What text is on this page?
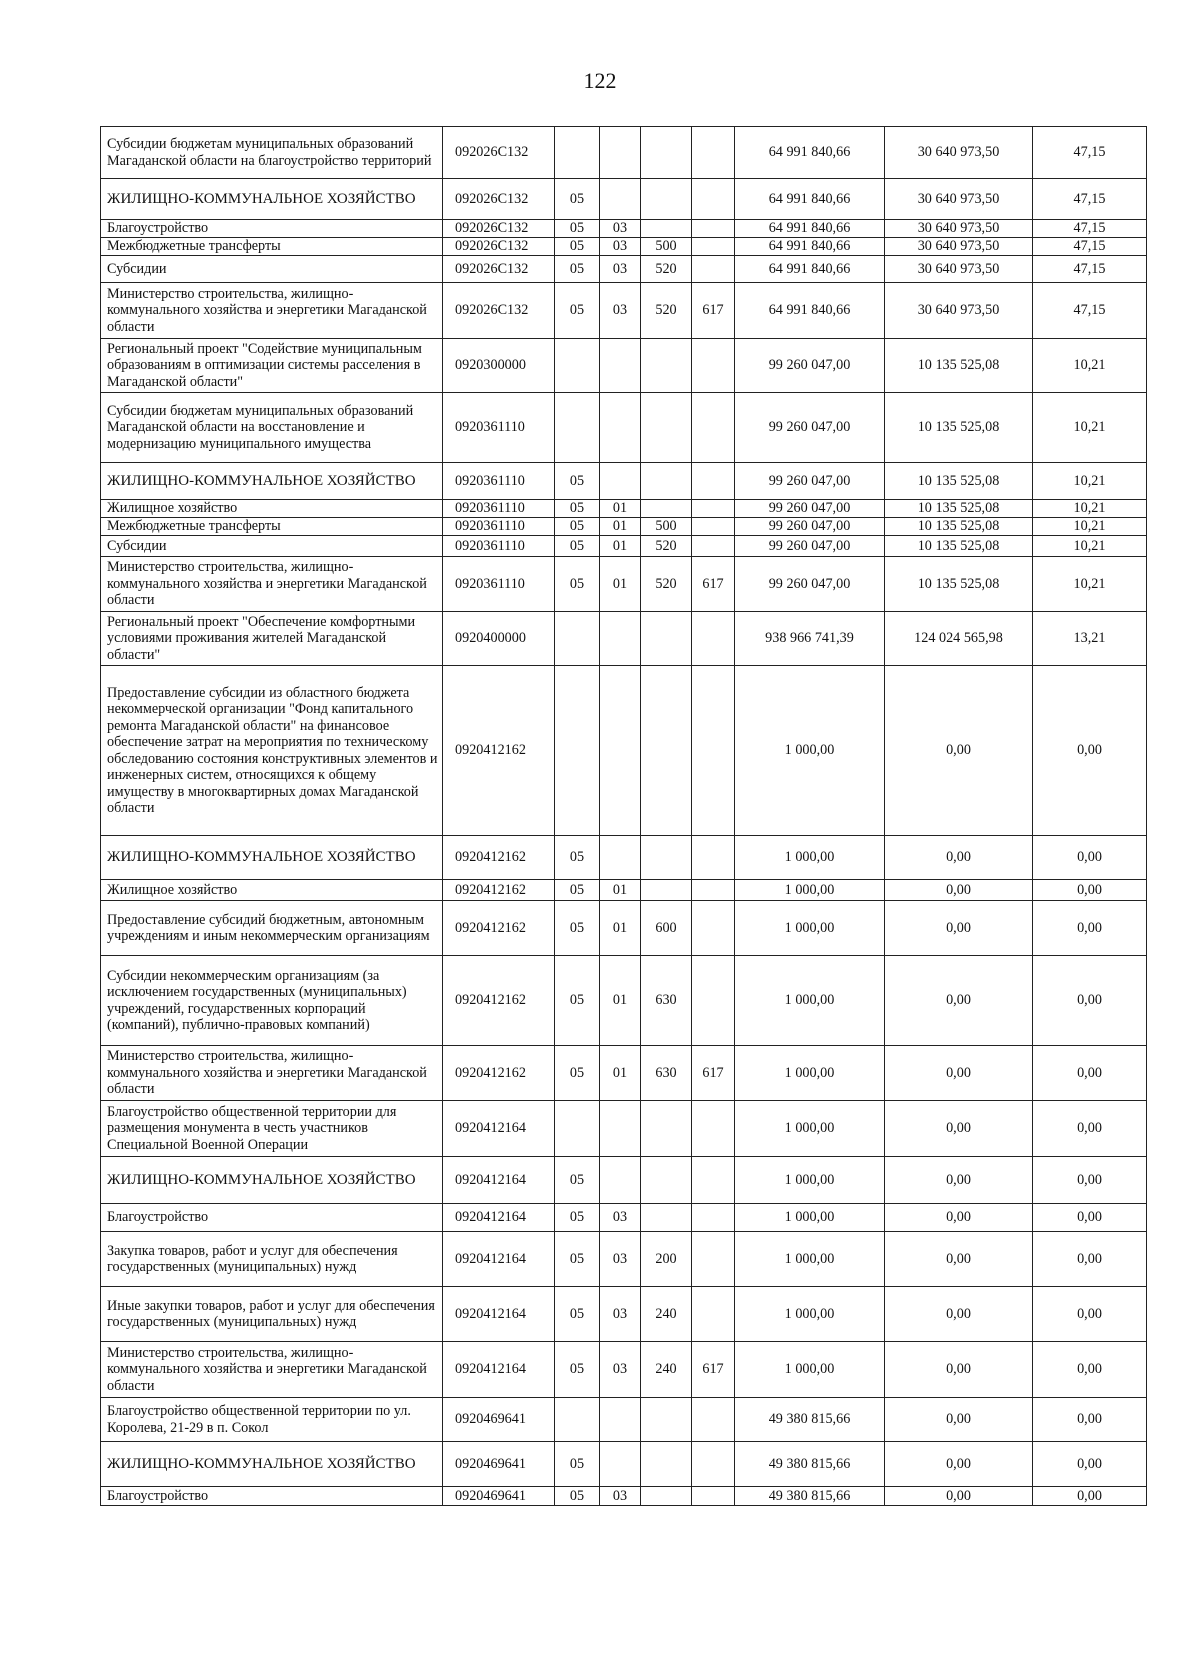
122
Субсидии бюджетам муниципальных образований Магаданской области на благоустройство территорий	092026С132					64 991 840,66	30 640 973,50	47,15
ЖИЛИЩНО-КОММУНАЛЬНОЕ ХОЗЯЙСТВО	092026С132	05				64 991 840,66	30 640 973,50	47,15
Благоустройство	092026С132	05	03			64 991 840,66	30 640 973,50	47,15
Межбюджетные трансферты	092026С132	05	03	500		64 991 840,66	30 640 973,50	47,15
Субсидии	092026С132	05	03	520		64 991 840,66	30 640 973,50	47,15
Министерство строительства, жилищно-коммунального хозяйства и энергетики Магаданской области	092026С132	05	03	520	617	64 991 840,66	30 640 973,50	47,15
Региональный проект "Содействие муниципальным образованиям в оптимизации системы расселения в Магаданской области"	0920300000					99 260 047,00	10 135 525,08	10,21
Субсидии бюджетам муниципальных образований Магаданской области на восстановление и модернизацию муниципального имущества	0920361110					99 260 047,00	10 135 525,08	10,21
ЖИЛИЩНО-КОММУНАЛЬНОЕ ХОЗЯЙСТВО	0920361110	05				99 260 047,00	10 135 525,08	10,21
Жилищное хозяйство	0920361110	05	01			99 260 047,00	10 135 525,08	10,21
Межбюджетные трансферты	0920361110	05	01	500		99 260 047,00	10 135 525,08	10,21
Субсидии	0920361110	05	01	520		99 260 047,00	10 135 525,08	10,21
Министерство строительства, жилищно-коммунального хозяйства и энергетики Магаданской области	0920361110	05	01	520	617	99 260 047,00	10 135 525,08	10,21
Региональный проект "Обеспечение комфортными условиями проживания жителей Магаданской области"	0920400000					938 966 741,39	124 024 565,98	13,21
Предоставление субсидии из областного бюджета некоммерческой организации "Фонд капитального ремонта Магаданской области" на финансовое обеспечение затрат на мероприятия по техническому обследованию состояния конструктивных элементов и инженерных систем, относящихся к общему имуществу в многоквартирных домах Магаданской области	0920412162					1 000,00	0,00	0,00
ЖИЛИЩНО-КОММУНАЛЬНОЕ ХОЗЯЙСТВО	0920412162	05				1 000,00	0,00	0,00
Жилищное хозяйство	0920412162	05	01			1 000,00	0,00	0,00
Предоставление субсидий бюджетным, автономным учреждениям и иным некоммерческим организациям	0920412162	05	01	600		1 000,00	0,00	0,00
Субсидии некоммерческим организациям (за исключением государственных (муниципальных) учреждений, государственных корпораций (компаний), публично-правовых компаний)	0920412162	05	01	630		1 000,00	0,00	0,00
Министерство строительства, жилищно-коммунального хозяйства и энергетики Магаданской области	0920412162	05	01	630	617	1 000,00	0,00	0,00
Благоустройство общественной территории для размещения монумента в честь участников Специальной Военной Операции	0920412164					1 000,00	0,00	0,00
ЖИЛИЩНО-КОММУНАЛЬНОЕ ХОЗЯЙСТВО	0920412164	05				1 000,00	0,00	0,00
Благоустройство	0920412164	05	03			1 000,00	0,00	0,00
Закупка товаров, работ и услуг для обеспечения государственных (муниципальных) нужд	0920412164	05	03	200		1 000,00	0,00	0,00
Иные закупки товаров, работ и услуг для обеспечения государственных (муниципальных) нужд	0920412164	05	03	240		1 000,00	0,00	0,00
Министерство строительства, жилищно-коммунального хозяйства и энергетики Магаданской области	0920412164	05	03	240	617	1 000,00	0,00	0,00
Благоустройство общественной территории по ул. Королева, 21-29 в п. Сокол	0920469641					49 380 815,66	0,00	0,00
ЖИЛИЩНО-КОММУНАЛЬНОЕ ХОЗЯЙСТВО	0920469641	05				49 380 815,66	0,00	0,00
Благоустройство	0920469641	05	03			49 380 815,66	0,00	0,00
